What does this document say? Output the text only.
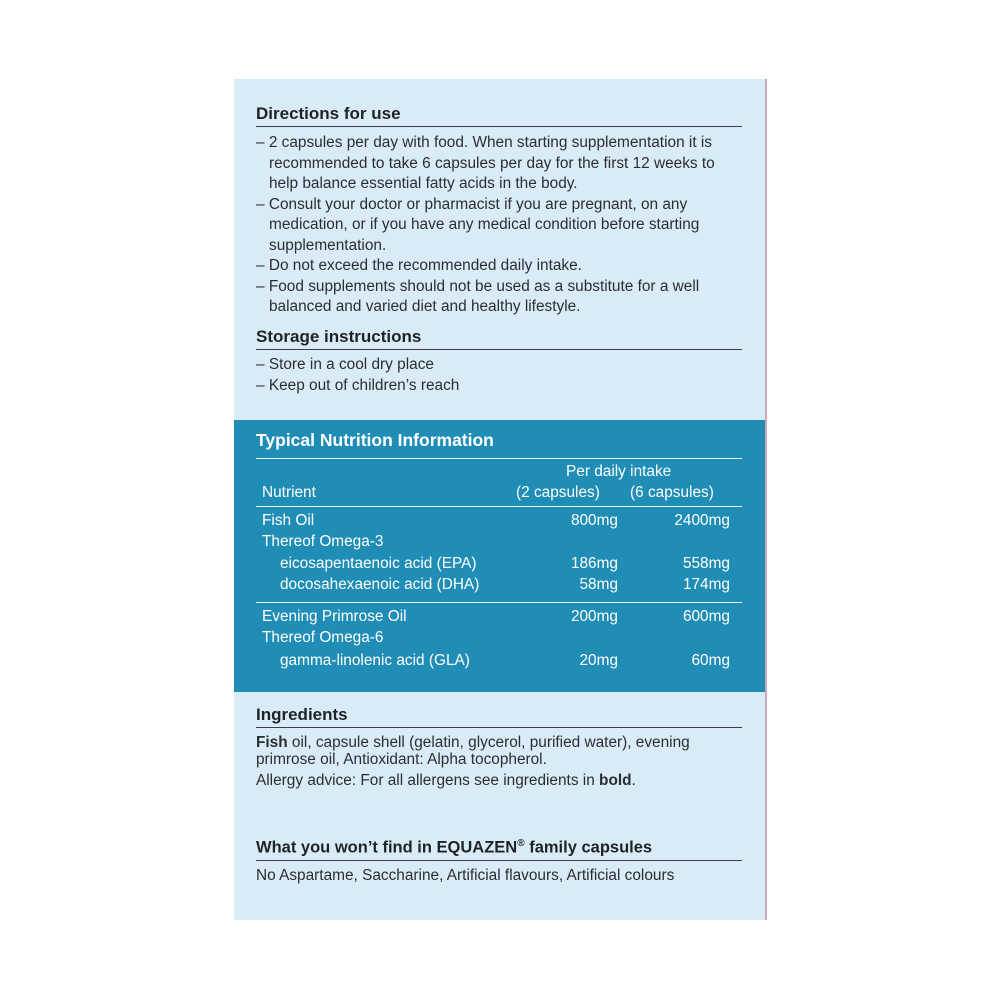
Directions for use
– 2 capsules per day with food. When starting supplementation it is recommended to take 6 capsules per day for the first 12 weeks to help balance essential fatty acids in the body.
– Consult your doctor or pharmacist if you are pregnant, on any medication, or if you have any medical condition before starting supplementation.
– Do not exceed the recommended daily intake.
– Food supplements should not be used as a substitute for a well balanced and varied diet and healthy lifestyle.
Storage instructions
– Store in a cool dry place
– Keep out of children’s reach
Typical Nutrition Information
Per daily intake
Nutrient	(2 capsules) (6 capsules)
Fish Oil	800mg	2400mg
Thereof Omega-3
eicosapentaenoic acid (EPA)	186mg	558mg
docosahexaenoic acid (DHA)	58mg	174mg
Evening Primrose Oil	200mg	600mg
Thereof Omega-6
gamma-linolenic acid (GLA)	20mg	60mg
Ingredients

Fish oil, capsule shell (gelatin, glycerol, purified water), evening primrose oil, Antioxidant: Alpha tocopherol.

Allergy advice: For all allergens see ingredients in bold.

What you won’t find in EQUAZEN® family capsules
No Aspartame, Saccharine, Artificial flavours, Artificial colours
